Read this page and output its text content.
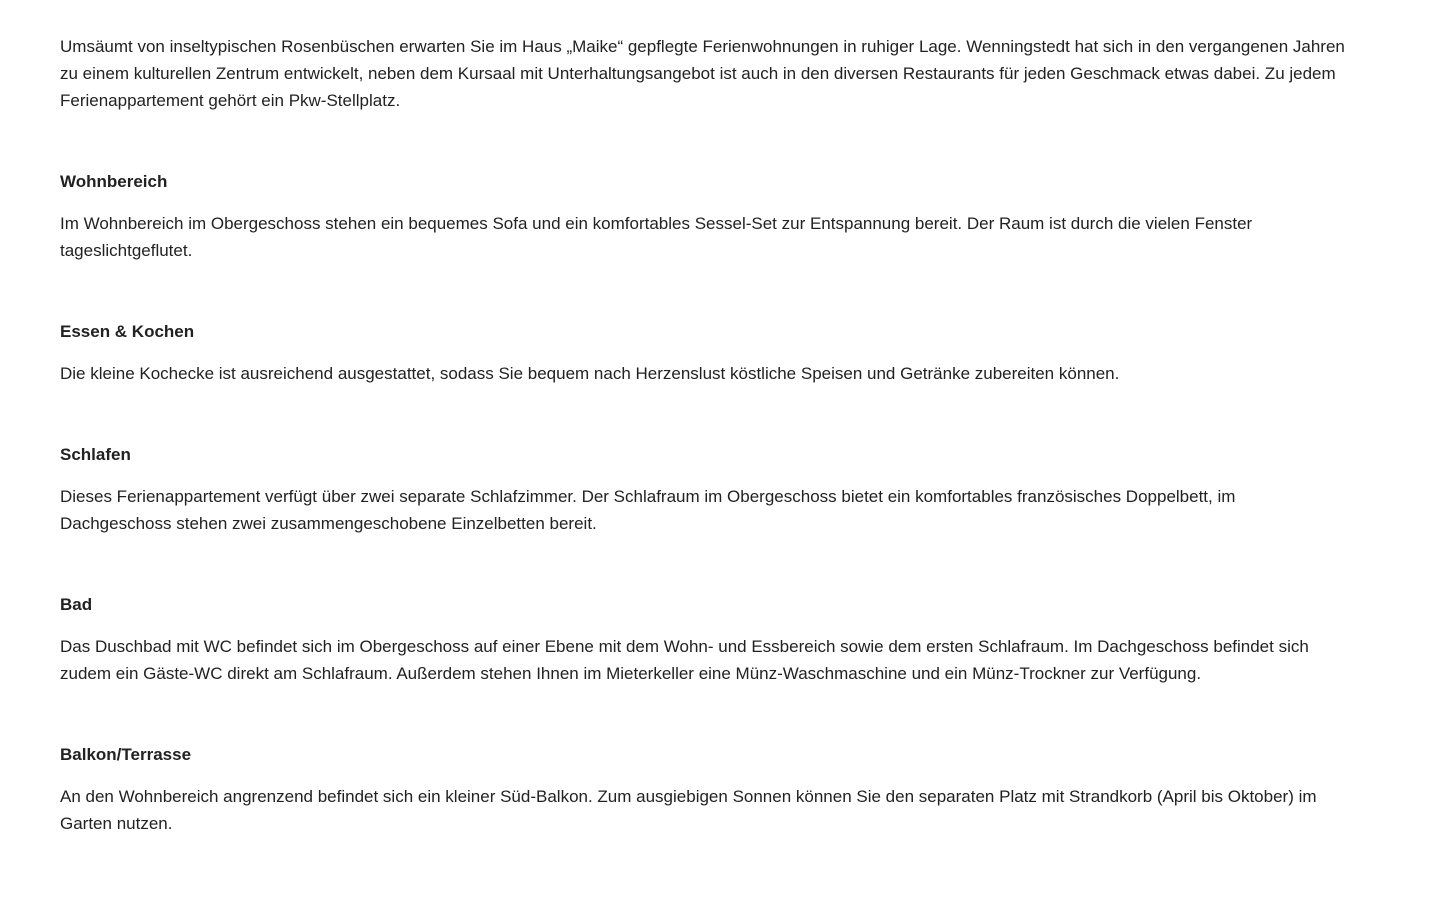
Umsäumt von inseltypischen Rosenbüschen erwarten Sie im Haus „Maike“ gepflegte Ferienwohnungen in ruhiger Lage. Wenningstedt hat sich in den vergangenen Jahren zu einem kulturellen Zentrum entwickelt, neben dem Kursaal mit Unterhaltungsangebot ist auch in den diversen Restaurants für jeden Geschmack etwas dabei. Zu jedem Ferienappartement gehört ein Pkw-Stellplatz.

Wohnbereich

Im Wohnbereich im Obergeschoss stehen ein bequemes Sofa und ein komfortables Sessel-Set zur Entspannung bereit. Der Raum ist durch die vielen Fenster tageslichtgeflutet.

Essen & Kochen

Die kleine Kochecke ist ausreichend ausgestattet, sodass Sie bequem nach Herzenslust köstliche Speisen und Getränke zubereiten können.

Schlafen

Dieses Ferienappartement verfügt über zwei separate Schlafzimmer. Der Schlafraum im Obergeschoss bietet ein komfortables französisches Doppelbett, im Dachgeschoss stehen zwei zusammengeschobene Einzelbetten bereit.

Bad

Das Duschbad mit WC befindet sich im Obergeschoss auf einer Ebene mit dem Wohn- und Essbereich sowie dem ersten Schlafraum. Im Dachgeschoss befindet sich zudem ein Gäste-WC direkt am Schlafraum. Außerdem stehen Ihnen im Mieterkeller eine Münz-Waschmaschine und ein Münz-Trockner zur Verfügung.

Balkon/Terrasse

An den Wohnbereich angrenzend befindet sich ein kleiner Süd-Balkon. Zum ausgiebigen Sonnen können Sie den separaten Platz mit Strandkorb (April bis Oktober) im Garten nutzen.
